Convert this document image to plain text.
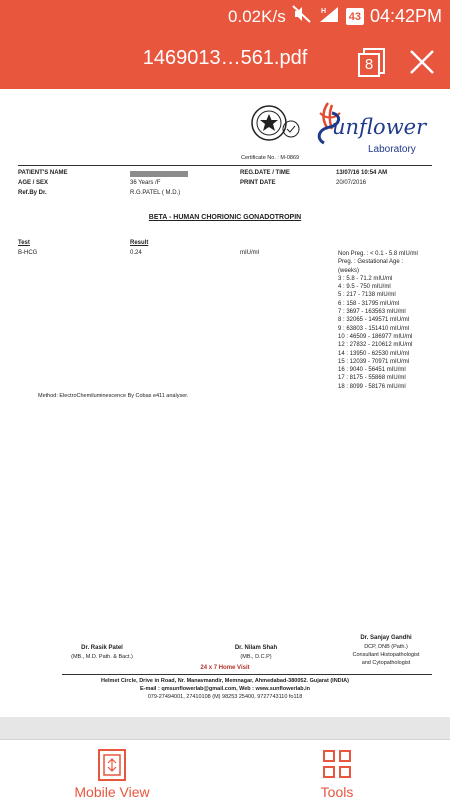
0.02K/s	H 43 04:42PM
1469013…561.pdf	8
Certificate No. : M-0869
unflower
Laboratory
PATIENT'S NAME
AGE / SEX	36 Years /F
Ref.By Dr.	R.G.PATEL ( M.D.)
REG.DATE / TIME	13/07/16 10:54 AM
PRINT DATE	20/07/2016
BETA - HUMAN CHORIONIC GONADOTROPIN
Test	Result
B-HCG	0.24	mIU/ml	Non Preg. : < 0.1 - 5.8 mIU/ml
Preg. : Gestational Age :
(weeks)
3 : 5.8 - 71.2 mIU/ml
4 : 9.5 - 750 mIU/ml
5 : 217 - 7138 mIU/ml
6 : 158 - 31795 mIU/ml
7 : 3697 - 163563 mIU/ml
8 : 32065 - 149571 mIU/ml
9 : 63803 - 151410 mIU/ml
10 : 46509 - 186977 mIU/ml
12 : 27832 - 210612 mIU/ml
14 : 13950 - 62530 mIU/ml
15 : 12039 - 70971 mIU/ml
16 : 9040 - 56451 mIU/ml
17 : 8175 - 55868 mIU/ml
18 : 8099 - 58176 mIU/ml
Method: ElectroChemiluminescence By Cobas e411 analyser.
Dr. Rasik Patel
(MB., M.D. Path. & Bact.)
Dr. Nilam Shah
(MB., D.C.P)
Dr. Sanjay Gandhi
DCP, DNB (Path.)
Consultant Histopathologist
and Cytopathologist
24 x 7 Home Visit
Helmet Circle, Drive in Road, Nr. Manavmandir, Memnagar, Ahmedabad-380052. Gujarat (INDIA)
E-mail : qmsunflowerlab@gmail.com, Web : www.sunflowerlab.in
079-27494001, 27410108 (M) 98253 25400, 9727743110 fo118
Mobile View	Tools
